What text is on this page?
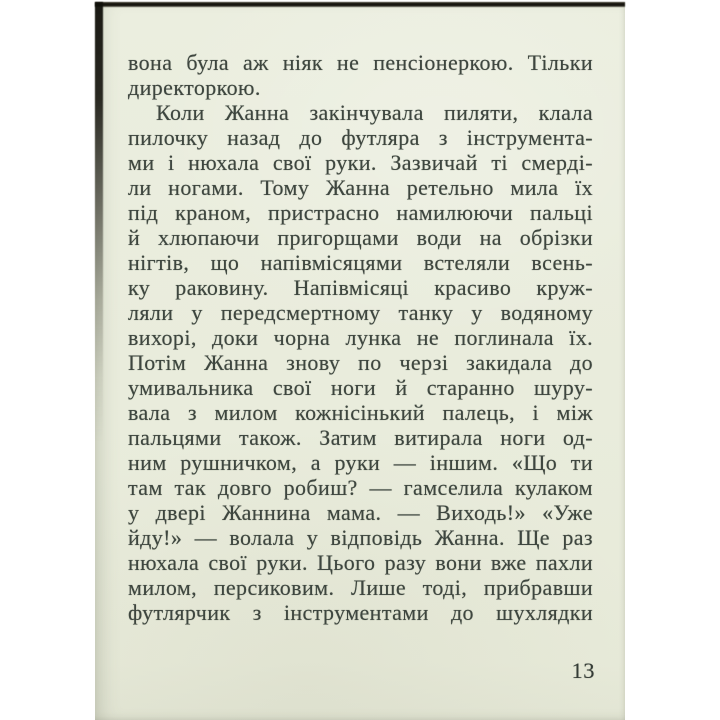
вона була аж ніяк не пенсіонеркою. Тільки
директоркою.
Коли Жанна закінчувала пиляти, клала
пилочку назад до футляра з інструмента-
ми і нюхала свої руки. Зазвичай ті смерді-
ли ногами. Тому Жанна ретельно мила їх
під краном, пристрасно намилюючи пальці
й хлюпаючи пригорщами води на обрізки
нігтів, що напівмісяцями встеляли всень-
ку раковину. Напівмісяці красиво круж-
ляли у передсмертному танку у водяному
вихорі, доки чорна лунка не поглинала їх.
Потім Жанна знову по черзі закидала до
умивальника свої ноги й старанно шуру-
вала з милом кожнісінький палець, і між
пальцями також. Затим витирала ноги од-
ним рушничком, а руки — іншим. «Що ти
там так довго робиш? — гамселила кулаком
у двері Жаннина мама. — Виходь!» «Уже
йду!» — волала у відповідь Жанна. Ще раз
нюхала свої руки. Цього разу вони вже пахли
милом, персиковим. Лише тоді, прибравши
футлярчик з інструментами до шухлядки
13
